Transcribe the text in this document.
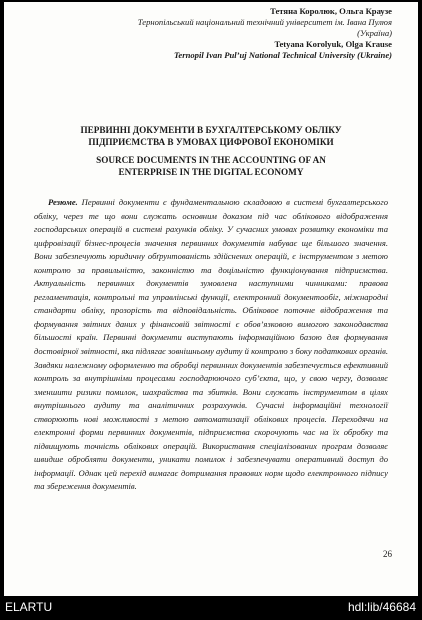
Тетяна Королюк, Ольга Краузе
Тернопільський національний технічний університет ім. Івана Пулюя
(Україна)
Tetyana Korolyuk, Olga Krause
Ternopil Ivan Pul’uj National Technical University (Ukraine)
ПЕРВИННІ ДОКУМЕНТИ В БУХГАЛТЕРСЬКОМУ ОБЛІКУ
ПІДПРИЄМСТВА В УМОВАХ ЦИФРОВОЇ ЕКОНОМІКИ
SOURCE DOCUMENTS IN THE ACCOUNTING OF AN
ENTERPRISE IN THE DIGITAL ECONOMY
Резюме. Первинні документи є фундаментальною складовою в системі бухгалтерського обліку, через те що вони служать основним доказом під час облікового відображення господарських операцій в системі рахунків обліку. У сучасних умовах розвитку економіки та цифровізації бізнес-процесів значення первинних документів набуває ще більшого значення. Вони забезпечують юридичну обґрунтованість здійснених операцій, є інструментом з метою контролю за правильністю, законністю та доцільністю функціонування підприємства. Актуальність первинних документів зумовлена наступними чинниками: правова регламентація, контрольні та управлінські функції, електронний документообіг, міжнародні стандарти обліку, прозорість та відповідальність. Обліковое поточне відображення та формування звітних даних у фінансовій звітності є обов’язковою вимогою законодавства більшості країн. Первинні документи виступають інформаційною базою для формування достовірної звітності, яка підлягає зовнішньому аудиту й контролю з боку податкових органів. Завдяки належному оформленню та обробці первинних документів забезпечується ефективний контроль за внутрішніми процесами господарюючого суб’єкта, що, у свою чергу, дозволяє зменшити ризики помилок, шахрайства та збитків. Вони служать інструментом в цілях внутрішнього аудиту та аналітичних розрахунків. Сучасні інформаційні технології створюють нові можливості з метою автоматизації облікових процесів. Переходячи на електронні форми первинних документів, підприємства скорочують час на їх обробку та підвищують точність облікових операцій. Використання спеціалізованих програм дозволяє швидше обробляти документи, уникати помилок і забезпечувати оперативний доступ до інформації. Однак цей перехід вимагає дотримання правових норм щодо електронного підпису та збереження документів.
26
ELARTU	hdl:lib/46684
